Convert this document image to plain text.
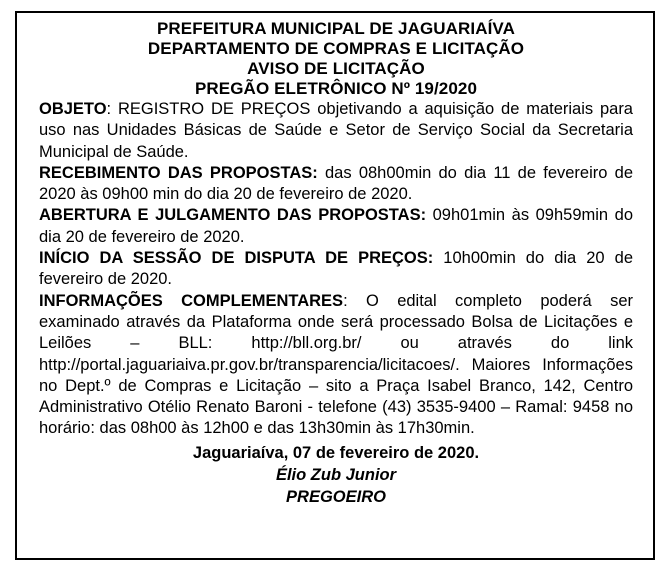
PREFEITURA MUNICIPAL DE JAGUARIAÍVA
DEPARTAMENTO DE COMPRAS E LICITAÇÃO
AVISO DE LICITAÇÃO
PREGÃO ELETRÔNICO Nº 19/2020

OBJETO: REGISTRO DE PREÇOS objetivando a aquisição de materiais para uso nas Unidades Básicas de Saúde e Setor de Serviço Social da Secretaria Municipal de Saúde.

RECEBIMENTO DAS PROPOSTAS: das 08h00min do dia 11 de fevereiro de 2020 às 09h00 min do dia 20 de fevereiro de 2020.

ABERTURA E JULGAMENTO DAS PROPOSTAS: 09h01min às 09h59min do dia 20 de fevereiro de 2020.

INÍCIO DA SESSÃO DE DISPUTA DE PREÇOS: 10h00min do dia 20 de fevereiro de 2020.

INFORMAÇÕES COMPLEMENTARES: O edital completo poderá ser examinado através da Plataforma onde será processado Bolsa de Licitações e Leilões – BLL: http://bll.org.br/ ou através do link http://portal.jaguariaiva.pr.gov.br/transparencia/licitacoes/. Maiores Informações no Dept.º de Compras e Licitação – sito a Praça Isabel Branco, 142, Centro Administrativo Otélio Renato Baroni - telefone (43) 3535-9400 – Ramal: 9458 no horário: das 08h00 às 12h00 e das 13h30min às 17h30min.

Jaguariaíva, 07 de fevereiro de 2020.
Élio Zub Junior
PREGOEIRO
